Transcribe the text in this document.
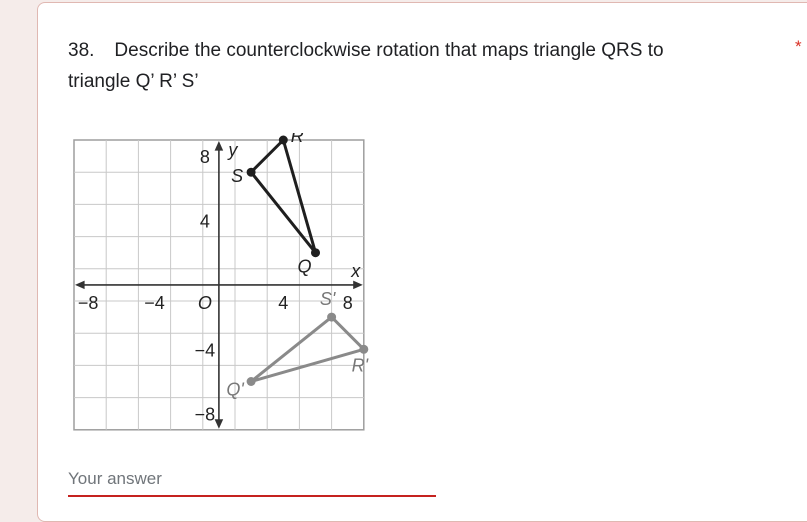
38. Describe the counterclockwise rotation that maps triangle QRS to
triangle Q’ R’ S’
*
−8	−4 O	4	8
8
4
−4
−8
x
y
Q
R
S
Q'
R'
S'
Your answer
